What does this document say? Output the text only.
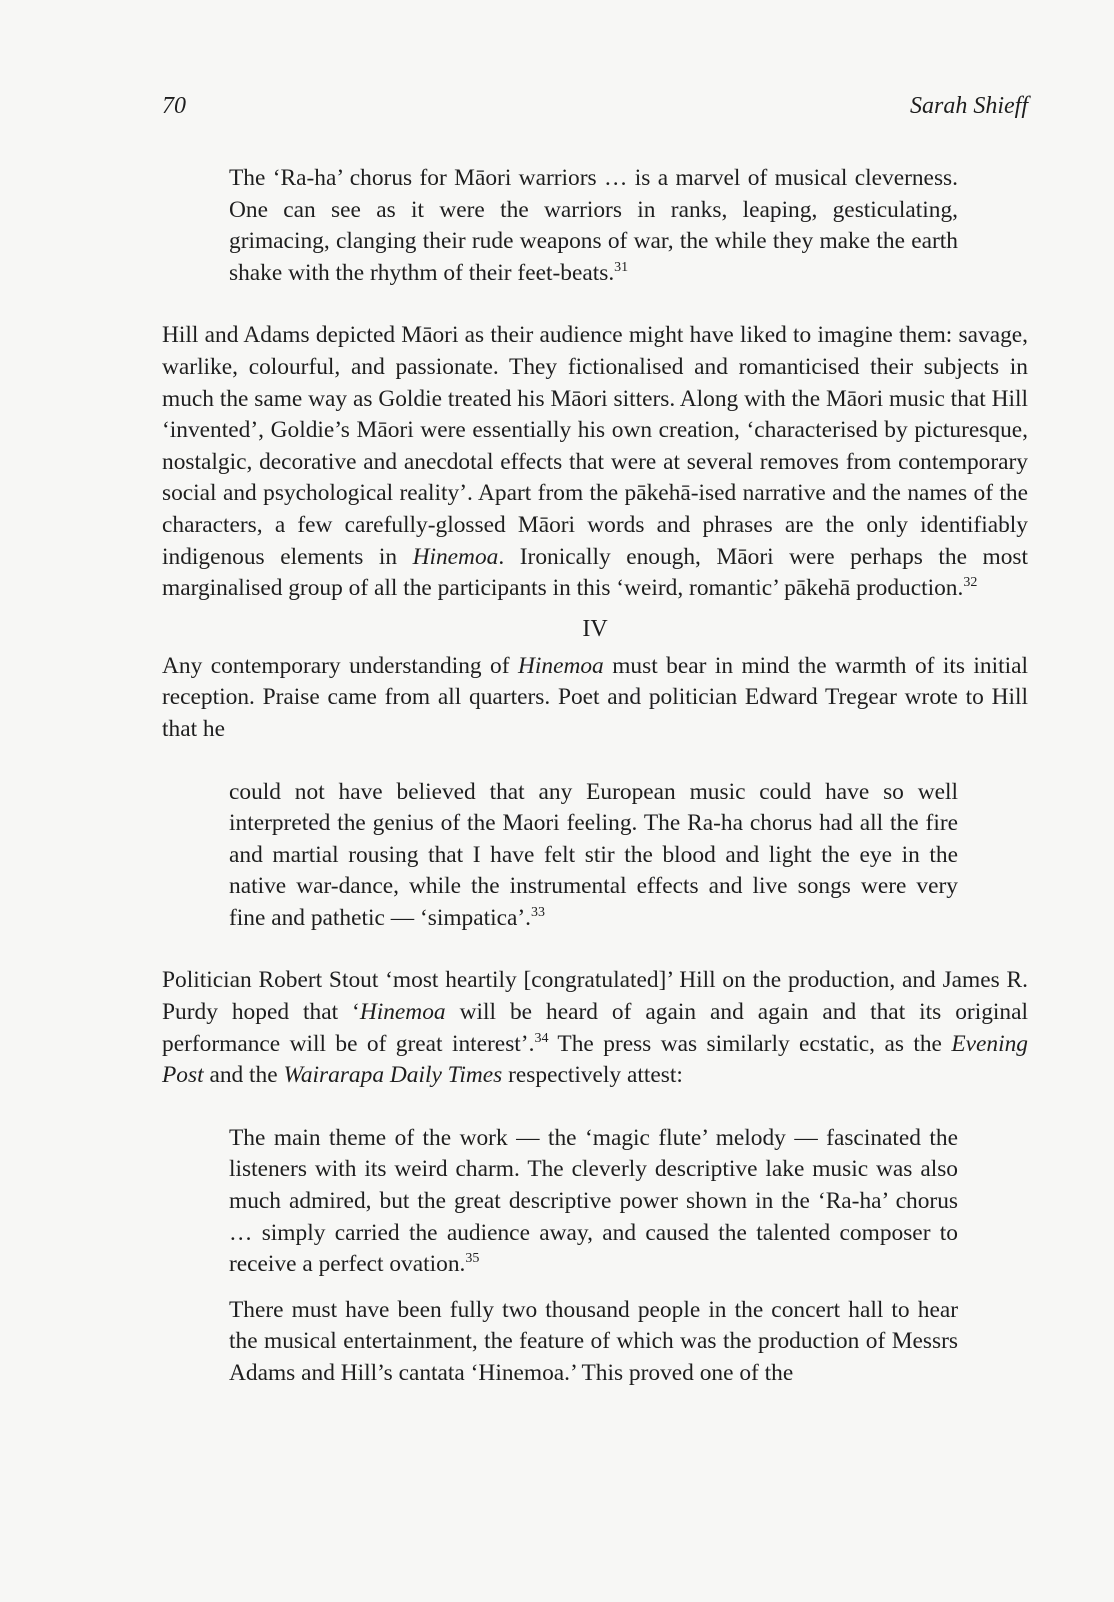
70	Sarah Shieff

The ‘Ra-ha’ chorus for Māori warriors … is a marvel of musical cleverness. One can see as it were the warriors in ranks, leaping, gesticulating, grimacing, clanging their rude weapons of war, the while they make the earth shake with the rhythm of their feet-beats.$^{31}$

Hill and Adams depicted Māori as their audience might have liked to imagine them: savage, warlike, colourful, and passionate. They fictionalised and romanticised their subjects in much the same way as Goldie treated his Māori sitters. Along with the Māori music that Hill ‘invented’, Goldie’s Māori were essentially his own creation, ‘characterised by picturesque, nostalgic, decorative and anecdotal effects that were at several removes from contemporary social and psychological reality’. Apart from the pākehā-ised narrative and the names of the characters, a few carefully-glossed Māori words and phrases are the only identifiably indigenous elements in Hinemoa. Ironically enough, Māori were perhaps the most marginalised group of all the participants in this ‘weird, romantic’ pākehā production.$^{32}$

IV

Any contemporary understanding of Hinemoa must bear in mind the warmth of its initial reception. Praise came from all quarters. Poet and politician Edward Tregear wrote to Hill that he

could not have believed that any European music could have so well interpreted the genius of the Maori feeling. The Ra-ha chorus had all the fire and martial rousing that I have felt stir the blood and light the eye in the native war-dance, while the instrumental effects and live songs were very fine and pathetic — ‘simpatica’.$^{33}$

Politician Robert Stout ‘most heartily [congratulated]’ Hill on the production, and James R. Purdy hoped that ‘Hinemoa will be heard of again and again and that its original performance will be of great interest’.$^{34}$ The press was similarly ecstatic, as the Evening Post and the Wairarapa Daily Times respectively attest:

The main theme of the work — the ‘magic flute’ melody — fascinated the listeners with its weird charm. The cleverly descriptive lake music was also much admired, but the great descriptive power shown in the ‘Ra-ha’ chorus … simply carried the audience away, and caused the talented composer to receive a perfect ovation.$^{35}$

There must have been fully two thousand people in the concert hall to hear the musical entertainment, the feature of which was the production of Messrs Adams and Hill’s cantata ‘Hinemoa.’ This proved one of the
